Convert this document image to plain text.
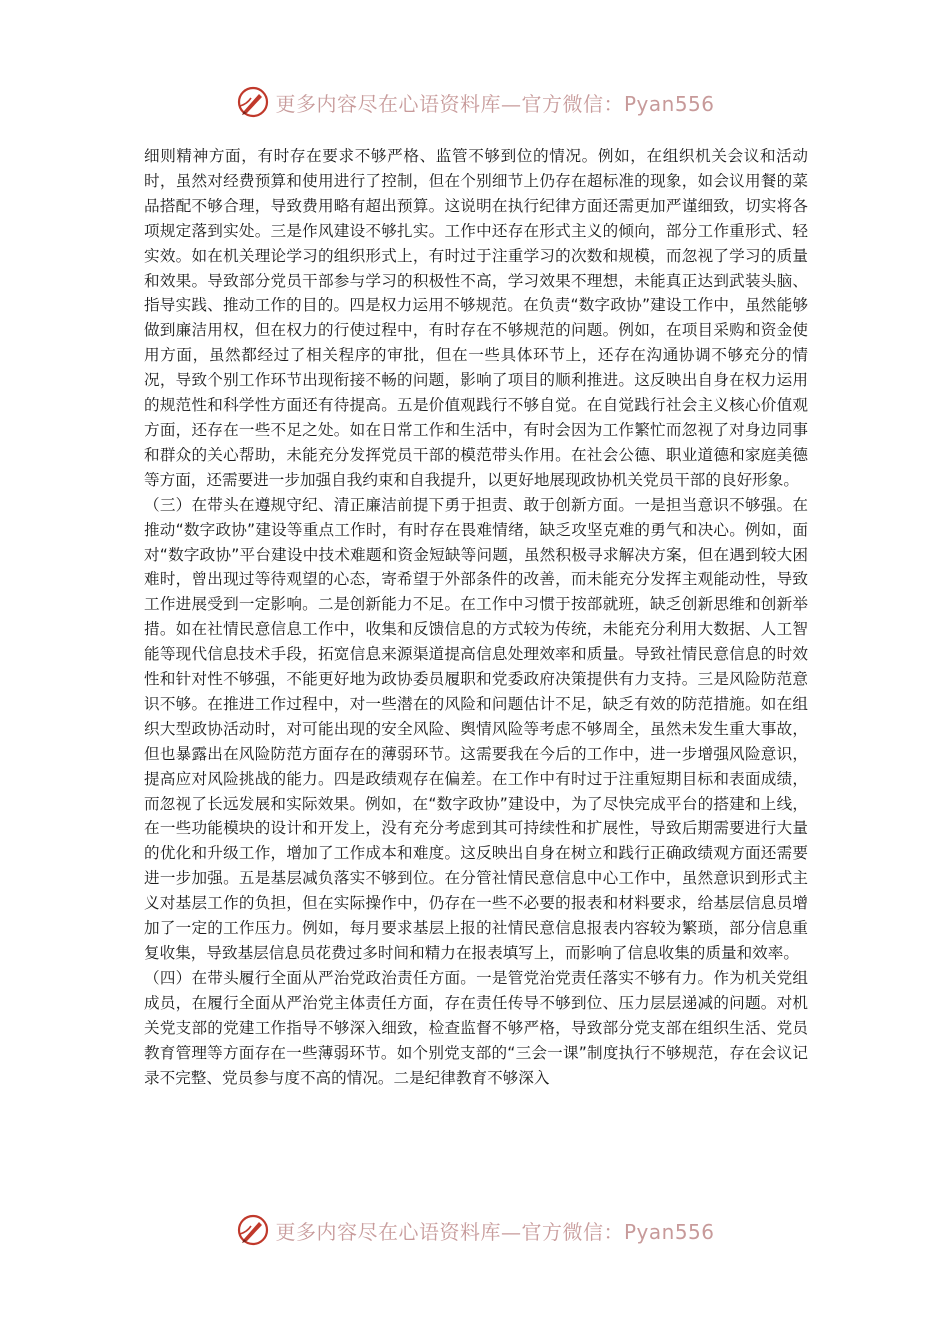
更多内容尽在心语资料库—官方微信：Pyan556

细则精神方面，有时存在要求不够严格、监管不够到位的情况。例如，在组织机关会议和活动时，虽然对经费预算和使用进行了控制，但在个别细节上仍存在超标准的现象，如会议用餐的菜品搭配不够合理，导致费用略有超出预算。这说明在执行纪律方面还需更加严谨细致，切实将各项规定落到实处。三是作风建设不够扎实。工作中还存在形式主义的倾向，部分工作重形式、轻实效。如在机关理论学习的组织形式上，有时过于注重学习的次数和规模，而忽视了学习的质量和效果。导致部分党员干部参与学习的积极性不高，学习效果不理想，未能真正达到武装头脑、指导实践、推动工作的目的。四是权力运用不够规范。在负责“数字政协”建设工作中，虽然能够做到廉洁用权，但在权力的行使过程中，有时存在不够规范的问题。例如，在项目采购和资金使用方面，虽然都经过了相关程序的审批，但在一些具体环节上，还存在沟通协调不够充分的情况，导致个别工作环节出现衔接不畅的问题，影响了项目的顺利推进。这反映出自身在权力运用的规范性和科学性方面还有待提高。五是价值观践行不够自觉。在自觉践行社会主义核心价值观方面，还存在一些不足之处。如在日常工作和生活中，有时会因为工作繁忙而忽视了对身边同事和群众的关心帮助，未能充分发挥党员干部的模范带头作用。在社会公德、职业道德和家庭美德等方面，还需要进一步加强自我约束和自我提升，以更好地展现政协机关党员干部的良好形象。

（三）在带头在遵规守纪、清正廉洁前提下勇于担责、敢于创新方面。一是担当意识不够强。在推动“数字政协”建设等重点工作时，有时存在畏难情绪，缺乏攻坚克难的勇气和决心。例如，面对“数字政协”平台建设中技术难题和资金短缺等问题，虽然积极寻求解决方案，但在遇到较大困难时，曾出现过等待观望的心态，寄希望于外部条件的改善，而未能充分发挥主观能动性，导致工作进展受到一定影响。二是创新能力不足。在工作中习惯于按部就班，缺乏创新思维和创新举措。如在社情民意信息工作中，收集和反馈信息的方式较为传统，未能充分利用大数据、人工智能等现代信息技术手段，拓宽信息来源渠道提高信息处理效率和质量。导致社情民意信息的时效性和针对性不够强，不能更好地为政协委员履职和党委政府决策提供有力支持。三是风险防范意识不够。在推进工作过程中，对一些潜在的风险和问题估计不足，缺乏有效的防范措施。如在组织大型政协活动时，对可能出现的安全风险、舆情风险等考虑不够周全，虽然未发生重大事故，但也暴露出在风险防范方面存在的薄弱环节。这需要我在今后的工作中，进一步增强风险意识，提高应对风险挑战的能力。四是政绩观存在偏差。在工作中有时过于注重短期目标和表面成绩，而忽视了长远发展和实际效果。例如，在“数字政协”建设中，为了尽快完成平台的搭建和上线，在一些功能模块的设计和开发上，没有充分考虑到其可持续性和扩展性，导致后期需要进行大量的优化和升级工作，增加了工作成本和难度。这反映出自身在树立和践行正确政绩观方面还需要进一步加强。五是基层减负落实不够到位。在分管社情民意信息中心工作中，虽然意识到形式主义对基层工作的负担，但在实际操作中，仍存在一些不必要的报表和材料要求，给基层信息员增加了一定的工作压力。例如，每月要求基层上报的社情民意信息报表内容较为繁琐，部分信息重复收集，导致基层信息员花费过多时间和精力在报表填写上，而影响了信息收集的质量和效率。

（四）在带头履行全面从严治党政治责任方面。一是管党治党责任落实不够有力。作为机关党组成员，在履行全面从严治党主体责任方面，存在责任传导不够到位、压力层层递减的问题。对机关党支部的党建工作指导不够深入细致，检查监督不够严格，导致部分党支部在组织生活、党员教育管理等方面存在一些薄弱环节。如个别党支部的“三会一课”制度执行不够规范，存在会议记录不完整、党员参与度不高的情况。二是纪律教育不够深入

更多内容尽在心语资料库—官方微信：Pyan556
